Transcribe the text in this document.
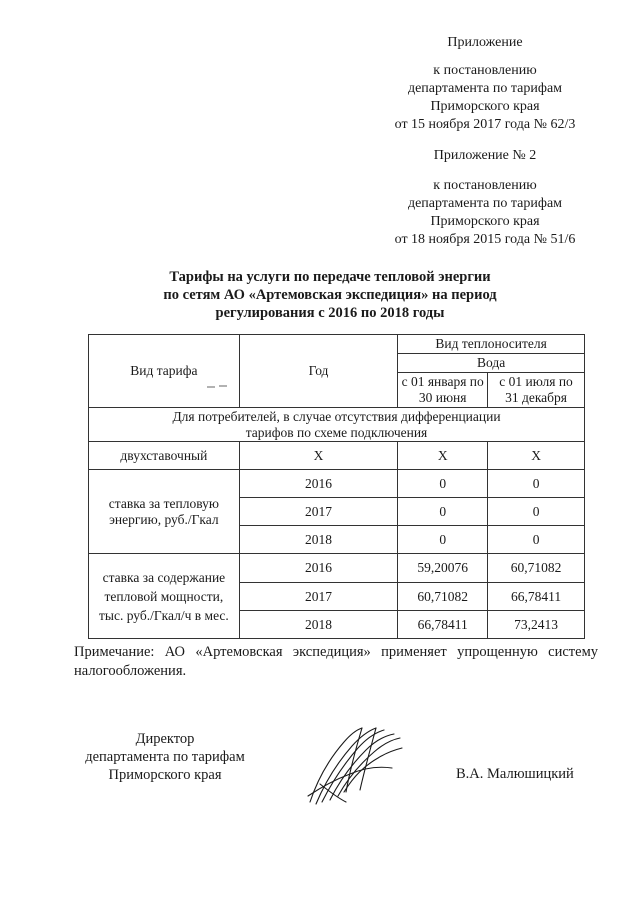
Приложение
к постановлению
департамента по тарифам
Приморского края
от 15 ноября 2017 года № 62/3
Приложение № 2
к постановлению
департамента по тарифам
Приморского края
от 18 ноября 2015 года № 51/6
Тарифы на услуги по передаче тепловой энергии
по сетям АО «Артемовская экспедиция» на период
регулирования с 2016 по 2018 годы
Вид тарифа	Год	Вид теплоносителя	
		Вода	
		с 01 января по 30 июня	с 01 июля по 31 декабря
Для потребителей, в случае отсутствия дифференциации тарифов по схеме подключения			
двухставочный	X	X	X
ставка за тепловую энергию, руб./Гкал	2016	0	0
	2017	0	0
	2018	0	0
ставка за содержание тепловой мощности, тыс. руб./Гкал/ч в мес.	2016	59,20076	60,71082
	2017	60,71082	66,78411
	2018	66,78411	73,2413
Примечание: АО «Артемовская экспедиция» применяет упрощенную систему налогообложения.
Директор
департамента по тарифам
Приморского края	В.А. Малюшицкий
